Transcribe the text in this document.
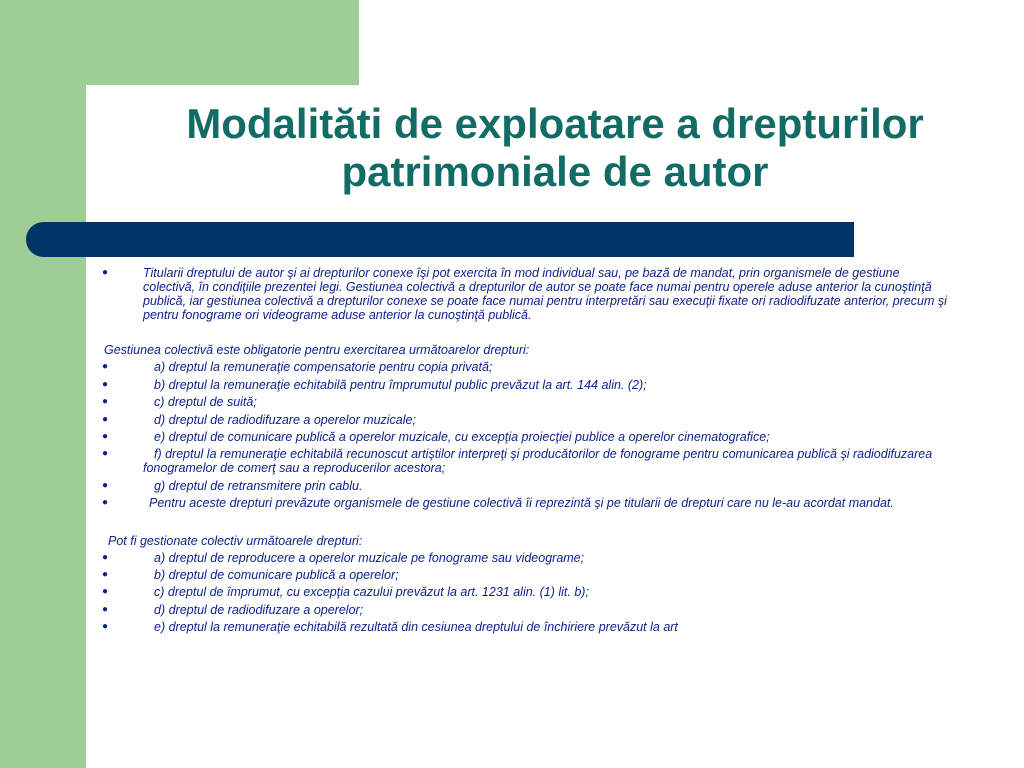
Modalităti de exploatare a drepturilor patrimoniale de autor

● Titularii dreptului de autor şi ai drepturilor conexe îşi pot exercita în mod individual sau, pe bază de mandat, prin organismele de gestiune colectivă, în condiţiile prezentei legi. Gestiunea colectivă a drepturilor de autor se poate face numai pentru operele aduse anterior la cunoştinţă publică, iar gestiunea colectivă a drepturilor conexe se poate face numai pentru interpretări sau execuţii fixate ori radiodifuzate anterior, precum şi pentru fonograme ori videograme aduse anterior la cunoştinţă publică.

Gestiunea colectivă este obligatorie pentru exercitarea următoarelor drepturi:

● a) dreptul la remuneraţie compensatorie pentru copia privată;

● b) dreptul la remuneraţie echitabilă pentru împrumutul public prevăzut la art. 144 alin. (2);

● c) dreptul de suită;

● d) dreptul de radiodifuzare a operelor muzicale;

● e) dreptul de comunicare publică a operelor muzicale, cu excepţia proiecţiei publice a operelor cinematografice;

● f) dreptul la remuneraţie echitabilă recunoscut artiştilor interpreţi şi producătorilor de fonograme pentru comunicarea publică şi radiodifuzarea fonogramelor de comerţ sau a reproducerilor acestora;

● g) dreptul de retransmitere prin cablu.

● Pentru aceste drepturi prevăzute organismele de gestiune colectivă îi reprezintă şi pe titularii de drepturi care nu le-au acordat mandat.

Pot fi gestionate colectiv următoarele drepturi:

● a) dreptul de reproducere a operelor muzicale pe fonograme sau videograme;

● b) dreptul de comunicare publică a operelor;

● c) dreptul de împrumut, cu excepţia cazului prevăzut la art. 1231 alin. (1) lit. b);

● d) dreptul de radiodifuzare a operelor;

● e) dreptul la remuneraţie echitabilă rezultată din cesiunea dreptului de închiriere prevăzut la art
